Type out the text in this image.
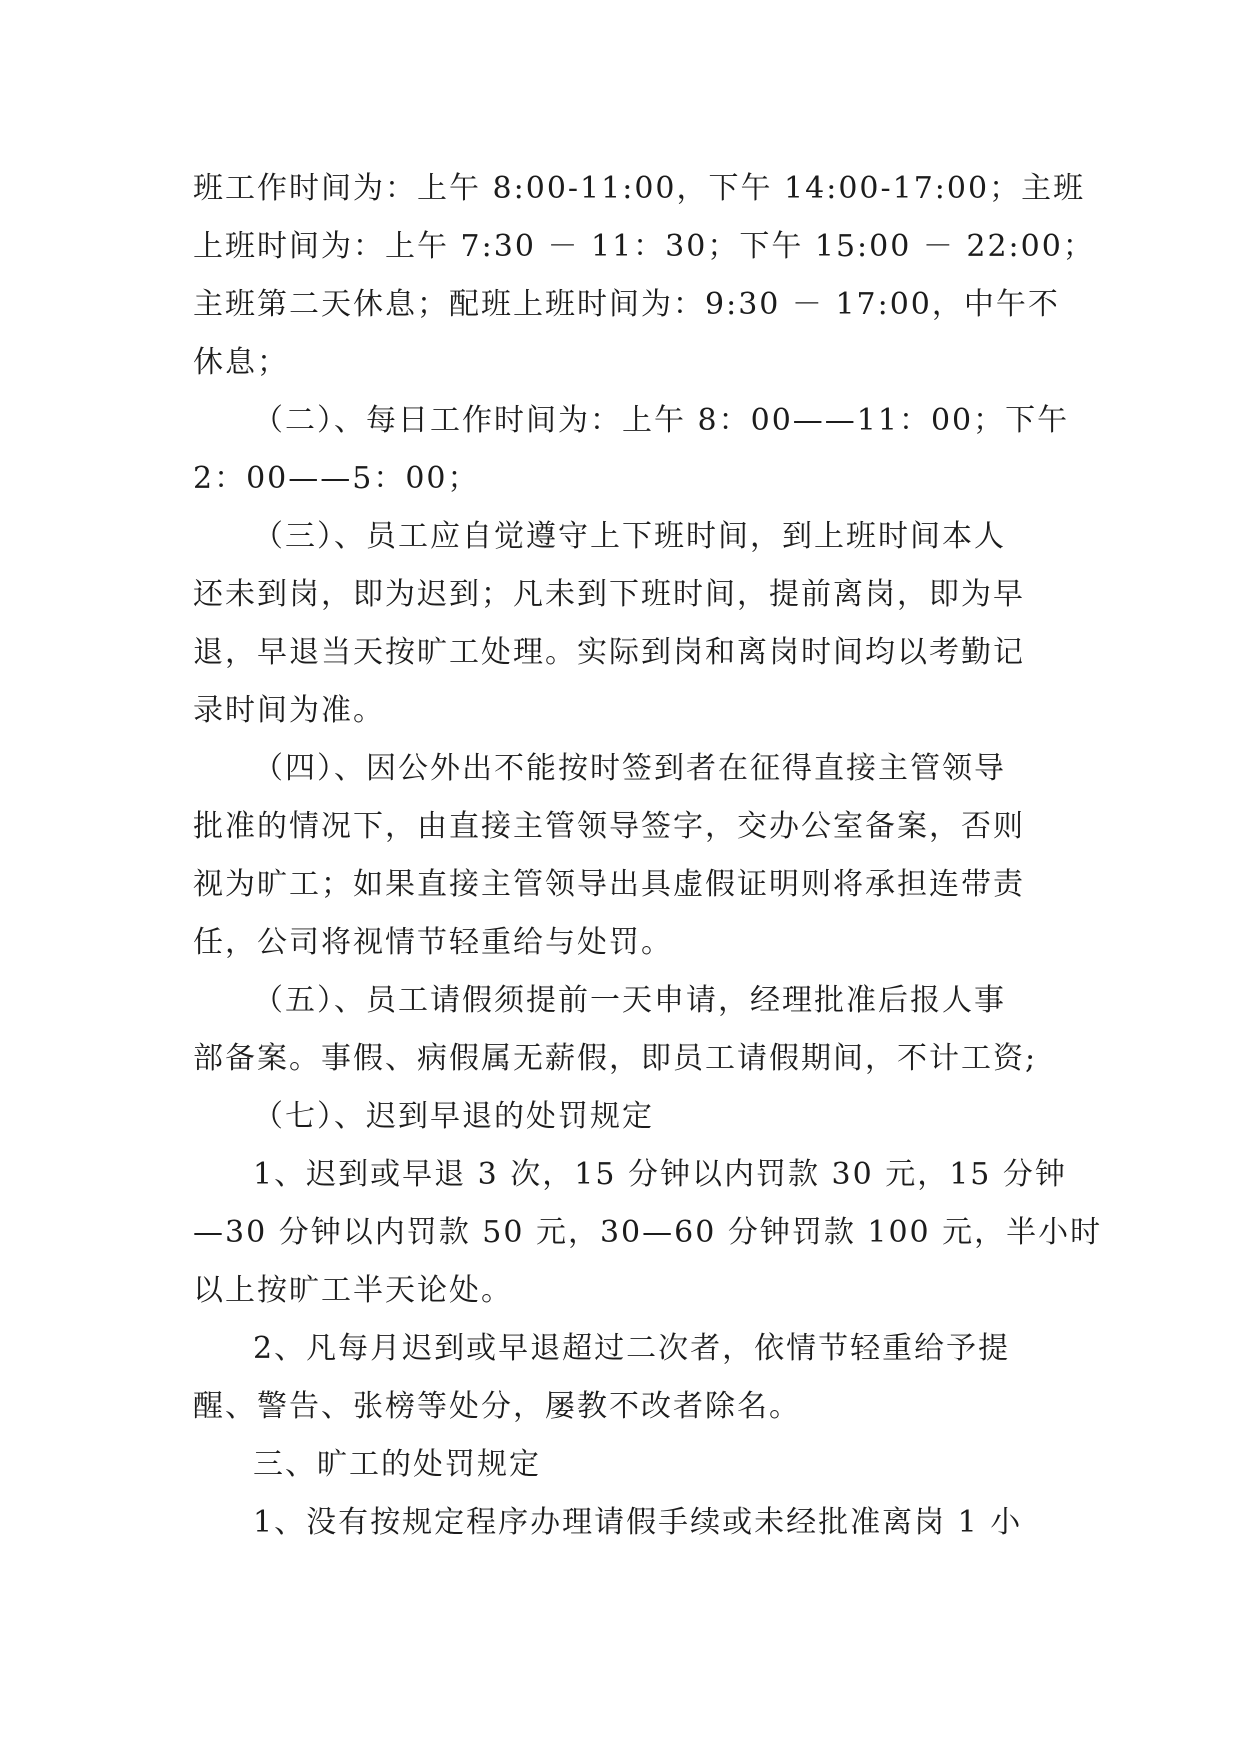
班工作时间为：上午 8:00-11:00，下午 14:00-17:00；主班
上班时间为：上午 7:30 － 11：30；下午 15:00 － 22:00；
主班第二天休息；配班上班时间为：9:30 － 17:00，中午不
休息；
（二）、每日工作时间为：上午 8：00——11：00；下午
2：00——5：00；
（三）、员工应自觉遵守上下班时间，到上班时间本人
还未到岗，即为迟到；凡未到下班时间，提前离岗，即为早
退，早退当天按旷工处理。实际到岗和离岗时间均以考勤记
录时间为准。
（四）、因公外出不能按时签到者在征得直接主管领导
批准的情况下，由直接主管领导签字，交办公室备案，否则
视为旷工；如果直接主管领导出具虚假证明则将承担连带责
任，公司将视情节轻重给与处罚。
（五）、员工请假须提前一天申请，经理批准后报人事
部备案。事假、病假属无薪假，即员工请假期间，不计工资;
（七）、迟到早退的处罚规定
1、迟到或早退 3 次，15 分钟以内罚款 30 元，15 分钟
—30 分钟以内罚款 50 元，30—60 分钟罚款 100 元，半小时
以上按旷工半天论处。
2、凡每月迟到或早退超过二次者，依情节轻重给予提
醒、警告、张榜等处分，屡教不改者除名。
三、旷工的处罚规定
1、没有按规定程序办理请假手续或未经批准离岗 1 小
